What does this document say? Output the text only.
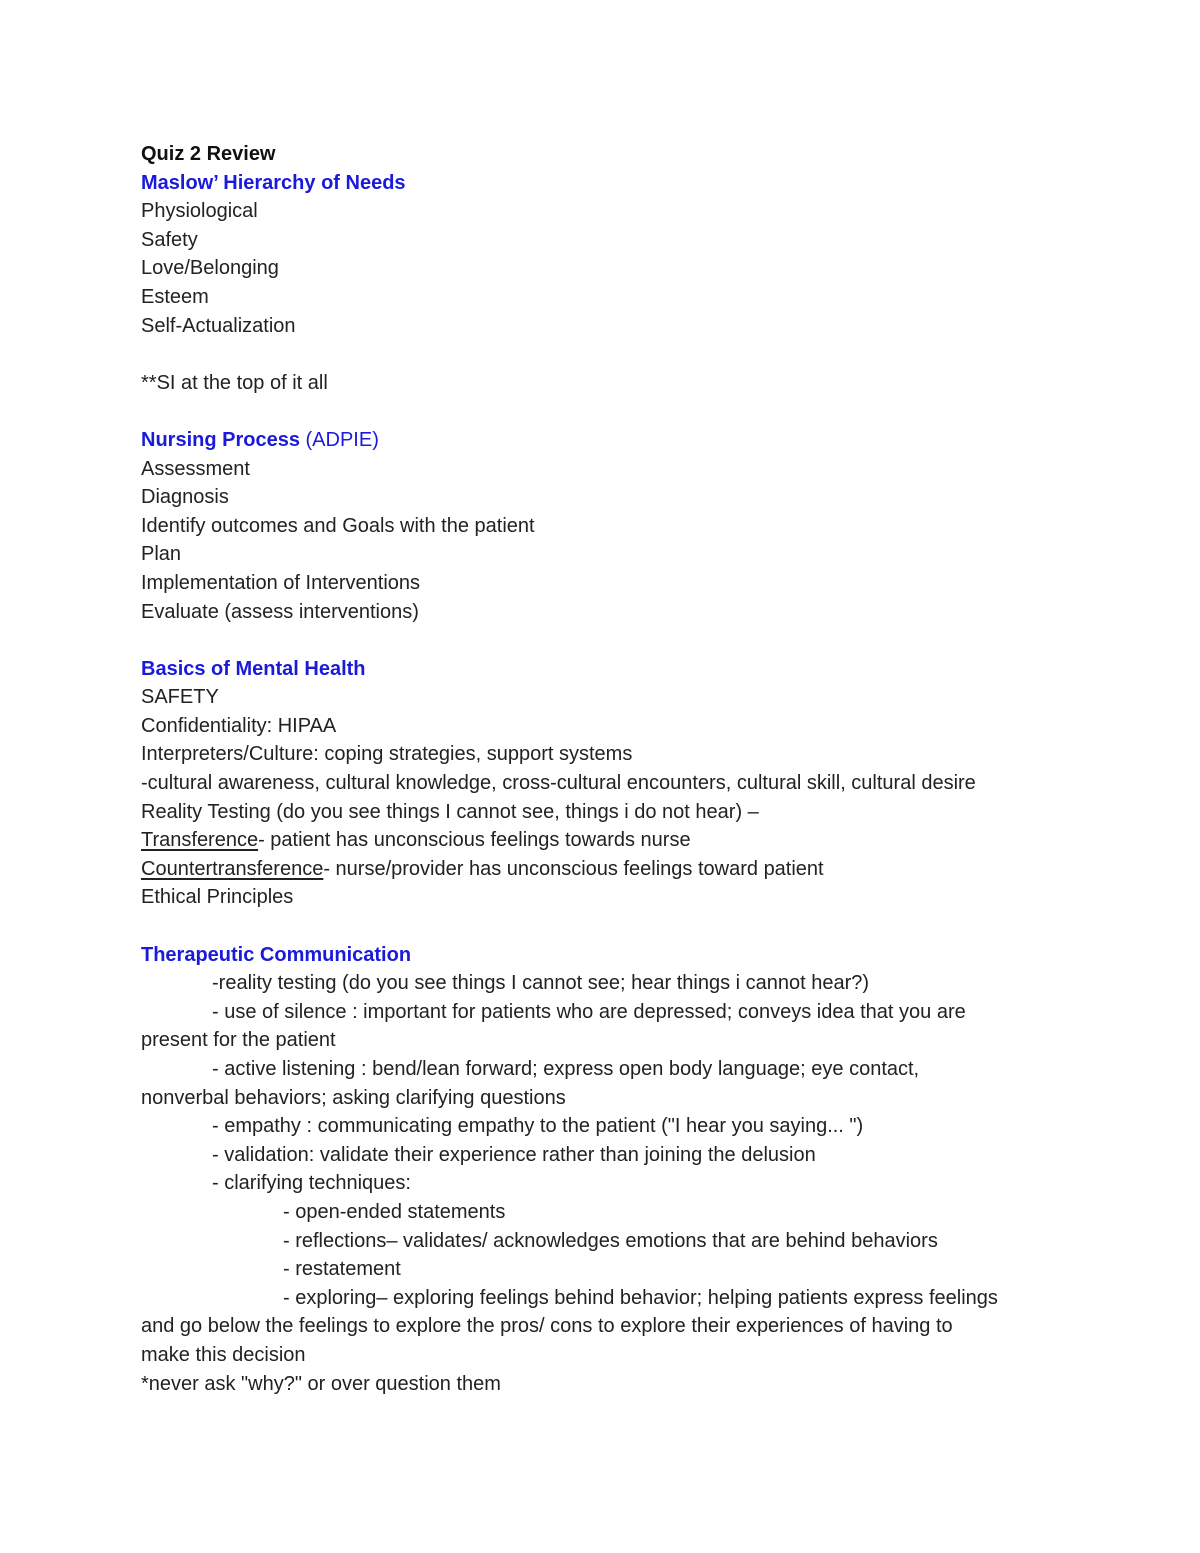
Quiz 2 Review
Maslow’ Hierarchy of Needs
Physiological
Safety
Love/Belonging
Esteem
Self-Actualization
**SI at the top of it all
Nursing Process (ADPIE)
Assessment
Diagnosis
Identify outcomes and Goals with the patient
Plan
Implementation of Interventions
Evaluate (assess interventions)
Basics of Mental Health
SAFETY
Confidentiality: HIPAA
Interpreters/Culture: coping strategies, support systems
-cultural awareness, cultural knowledge, cross-cultural encounters, cultural skill, cultural desire
Reality Testing (do you see things I cannot see, things i do not hear) –
Transference- patient has unconscious feelings towards nurse
Countertransference- nurse/provider has unconscious feelings toward patient
Ethical Principles
Therapeutic Communication
-reality testing (do you see things I cannot see; hear things i cannot hear?)
- use of silence : important for patients who are depressed; conveys idea that you are
present for the patient
- active listening : bend/lean forward; express open body language; eye contact,
nonverbal behaviors; asking clarifying questions
- empathy : communicating empathy to the patient ("I hear you saying... ")
- validation: validate their experience rather than joining the delusion
- clarifying techniques:
- open-ended statements
- reflections– validates/ acknowledges emotions that are behind behaviors
- restatement
- exploring– exploring feelings behind behavior; helping patients express feelings
and go below the feelings to explore the pros/ cons to explore their experiences of having to
make this decision
*never ask "why?" or over question them
